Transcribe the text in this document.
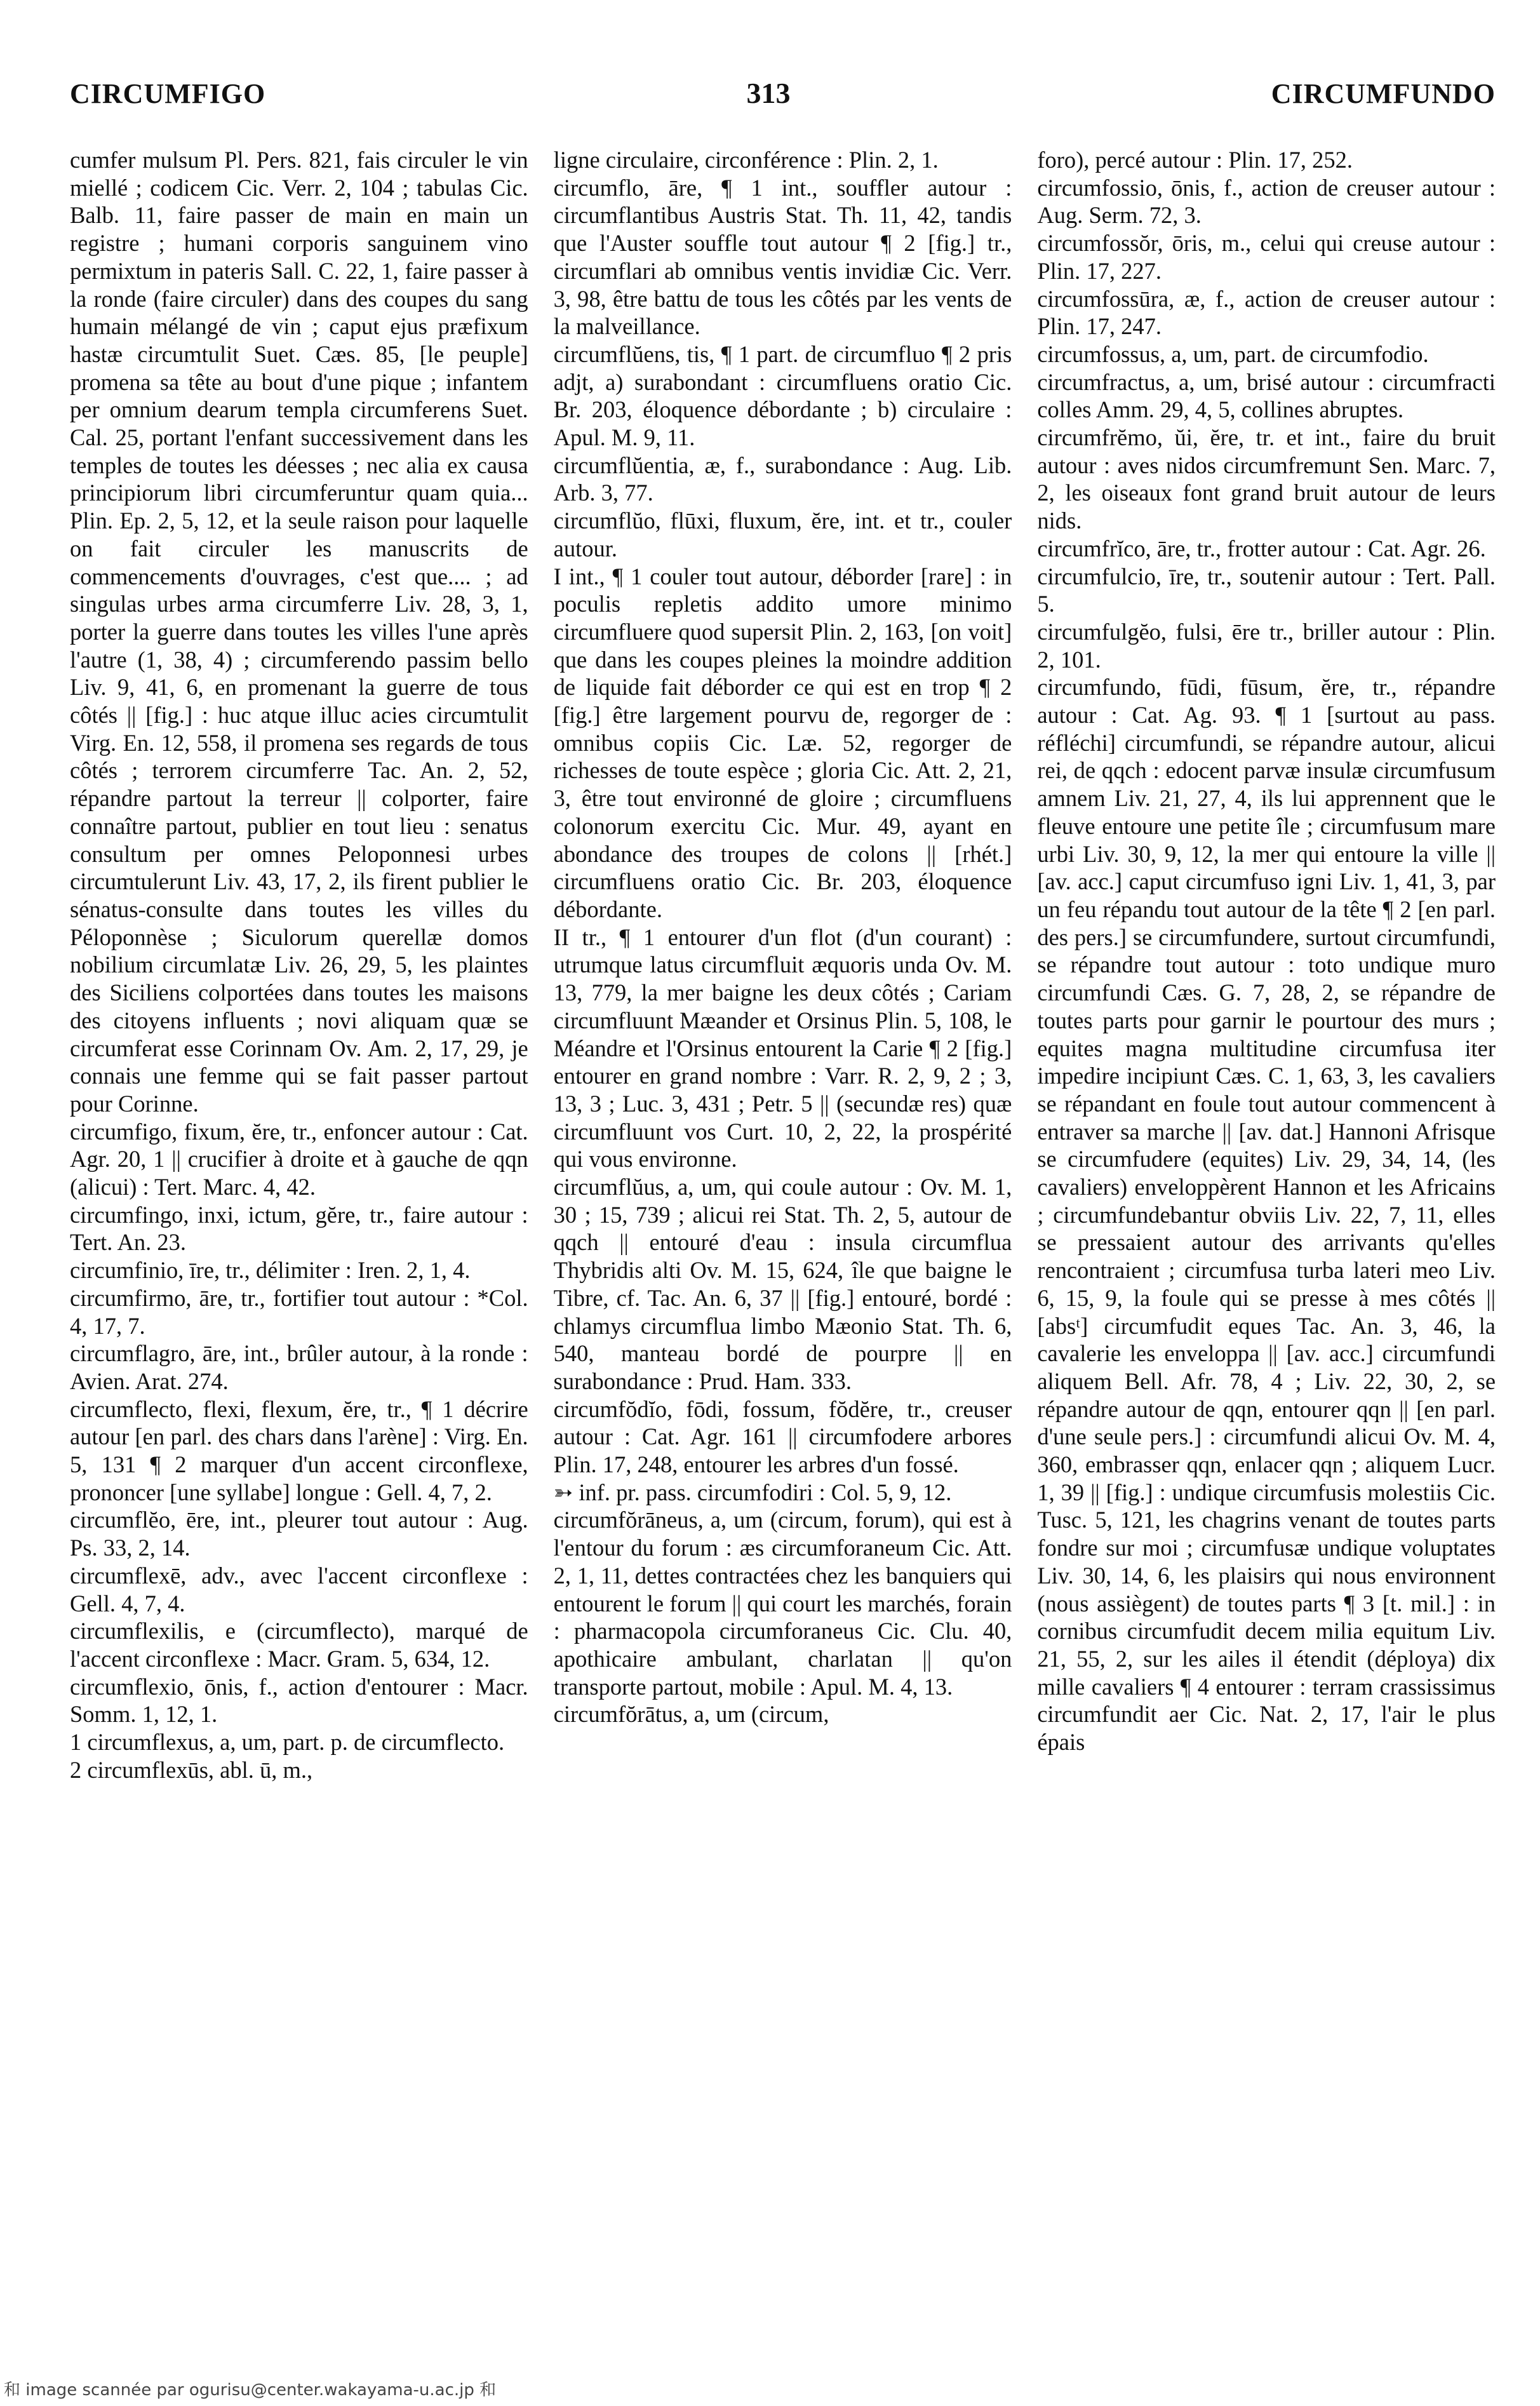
CIRCUMFIGO	313	CIRCUMFUNDO

cumfer mulsum Pl. Pers. 821, fais circuler le vin miellé ; codicem Cic. Verr. 2, 104 ; tabulas Cic. Balb. 11, faire passer de main en main un registre ; humani corporis sanguinem vino permixtum in pateris Sall. C. 22, 1, faire passer à la ronde (faire circuler) dans des coupes du sang humain mélangé de vin ; caput ejus præfixum hastæ circumtulit Suet. Cæs. 85, [le peuple] promena sa tête au bout d'une pique ; infantem per omnium dearum templa circumferens Suet. Cal. 25, portant l'enfant successivement dans les temples de toutes les déesses ; nec alia ex causa principiorum libri circumferuntur quam quia... Plin. Ep. 2, 5, 12, et la seule raison pour laquelle on fait circuler les manuscrits de commencements d'ouvrages, c'est que.... ; ad singulas urbes arma circumferre Liv. 28, 3, 1, porter la guerre dans toutes les villes l'une après l'autre (1, 38, 4) ; circumferendo passim bello Liv. 9, 41, 6, en promenant la guerre de tous côtés || [fig.] : huc atque illuc acies circumtulit Virg. En. 12, 558, il promena ses regards de tous côtés ; terrorem circumferre Tac. An. 2, 52, répandre partout la terreur || colporter, faire connaître partout, publier en tout lieu : senatus consultum per omnes Peloponnesi urbes circumtulerunt Liv. 43, 17, 2, ils firent publier le sénatus-consulte dans toutes les villes du Péloponnèse ; Siculorum querellæ domos nobilium circumlatæ Liv. 26, 29, 5, les plaintes des Siciliens colportées dans toutes les maisons des citoyens influents ; novi aliquam quæ se circumferat esse Corinnam Ov. Am. 2, 17, 29, je connais une femme qui se fait passer partout pour Corinne.

circumfigo, fixum, ĕre, tr., enfoncer autour : Cat. Agr. 20, 1 || crucifier à droite et à gauche de qqn (alicui) : Tert. Marc. 4, 42.

circumfingo, inxi, ictum, gĕre, tr., faire autour : Tert. An. 23.

circumfinio, īre, tr., délimiter : Iren. 2, 1, 4.

circumfirmo, āre, tr., fortifier tout autour : *Col. 4, 17, 7.

circumflagro, āre, int., brûler autour, à la ronde : Avien. Arat. 274.

circumflecto, flexi, flexum, ĕre, tr., ¶ 1 décrire autour [en parl. des chars dans l'arène] : Virg. En. 5, 131 ¶ 2 marquer d'un accent circonflexe, prononcer [une syllabe] longue : Gell. 4, 7, 2.

circumflĕo, ēre, int., pleurer tout autour : Aug. Ps. 33, 2, 14.

circumflexē, adv., avec l'accent circonflexe : Gell. 4, 7, 4.

circumflexilis, e (circumflecto), marqué de l'accent circonflexe : Macr. Gram. 5, 634, 12.

circumflexio, ōnis, f., action d'entourer : Macr. Somm. 1, 12, 1.

1 circumflexus, a, um, part. p. de circumflecto.

2 circumflexūs, abl. ū, m.,

ligne circulaire, circonférence : Plin. 2, 1.

circumflo, āre, ¶ 1 int., souffler autour : circumflantibus Austris Stat. Th. 11, 42, tandis que l'Auster souffle tout autour ¶ 2 [fig.] tr., circumflari ab omnibus ventis invidiæ Cic. Verr. 3, 98, être battu de tous les côtés par les vents de la malveillance.

circumflŭens, tis, ¶ 1 part. de circumfluo ¶ 2 pris adjt, a) surabondant : circumfluens oratio Cic. Br. 203, éloquence débordante ; b) circulaire : Apul. M. 9, 11.

circumflŭentia, æ, f., surabondance : Aug. Lib. Arb. 3, 77.

circumflŭo, flūxi, fluxum, ĕre, int. et tr., couler autour.

I int., ¶ 1 couler tout autour, déborder [rare] : in poculis repletis addito umore minimo circumfluere quod supersit Plin. 2, 163, [on voit] que dans les coupes pleines la moindre addition de liquide fait déborder ce qui est en trop ¶ 2 [fig.] être largement pourvu de, regorger de : omnibus copiis Cic. Læ. 52, regorger de richesses de toute espèce ; gloria Cic. Att. 2, 21, 3, être tout environné de gloire ; circumfluens colonorum exercitu Cic. Mur. 49, ayant en abondance des troupes de colons || [rhét.] circumfluens oratio Cic. Br. 203, éloquence débordante.

II tr., ¶ 1 entourer d'un flot (d'un courant) : utrumque latus circumfluit æquoris unda Ov. M. 13, 779, la mer baigne les deux côtés ; Cariam circumfluunt Mæander et Orsinus Plin. 5, 108, le Méandre et l'Orsinus entourent la Carie ¶ 2 [fig.] entourer en grand nombre : Varr. R. 2, 9, 2 ; 3, 13, 3 ; Luc. 3, 431 ; Petr. 5 || (secundæ res) quæ circumfluunt vos Curt. 10, 2, 22, la prospérité qui vous environne.

circumflŭus, a, um, qui coule autour : Ov. M. 1, 30 ; 15, 739 ; alicui rei Stat. Th. 2, 5, autour de qqch || entouré d'eau : insula circumflua Thybridis alti Ov. M. 15, 624, île que baigne le Tibre, cf. Tac. An. 6, 37 || [fig.] entouré, bordé : chlamys circumflua limbo Mæonio Stat. Th. 6, 540, manteau bordé de pourpre || en surabondance : Prud. Ham. 333.

circumfŏdĭo, fōdi, fossum, fŏdĕre, tr., creuser autour : Cat. Agr. 161 || circumfodere arbores Plin. 17, 248, entourer les arbres d'un fossé.

➳ inf. pr. pass. circumfodiri : Col. 5, 9, 12.

circumfŏrāneus, a, um (circum, forum), qui est à l'entour du forum : æs circumforaneum Cic. Att. 2, 1, 11, dettes contractées chez les banquiers qui entourent le forum || qui court les marchés, forain : pharmacopola circumforaneus Cic. Clu. 40, apothicaire ambulant, charlatan || qu'on transporte partout, mobile : Apul. M. 4, 13.

circumfŏrātus, a, um (circum,

foro), percé autour : Plin. 17, 252.

circumfossio, ōnis, f., action de creuser autour : Aug. Serm. 72, 3.

circumfossŏr, ōris, m., celui qui creuse autour : Plin. 17, 227.

circumfossūra, æ, f., action de creuser autour : Plin. 17, 247.

circumfossus, a, um, part. de circumfodio.

circumfractus, a, um, brisé autour : circumfracti colles Amm. 29, 4, 5, collines abruptes.

circumfrĕmo, ŭi, ĕre, tr. et int., faire du bruit autour : aves nidos circumfremunt Sen. Marc. 7, 2, les oiseaux font grand bruit autour de leurs nids.

circumfrĭco, āre, tr., frotter autour : Cat. Agr. 26.

circumfulcio, īre, tr., soutenir autour : Tert. Pall. 5.

circumfulgĕo, fulsi, ēre tr., briller autour : Plin. 2, 101.

circumfundo, fūdi, fūsum, ĕre, tr., répandre autour : Cat. Ag. 93. ¶ 1 [surtout au pass. réfléchi] circumfundi, se répandre autour, alicui rei, de qqch : edocent parvæ insulæ circumfusum amnem Liv. 21, 27, 4, ils lui apprennent que le fleuve entoure une petite île ; circumfusum mare urbi Liv. 30, 9, 12, la mer qui entoure la ville || [av. acc.] caput circumfuso igni Liv. 1, 41, 3, par un feu répandu tout autour de la tête ¶ 2 [en parl. des pers.] se circumfundere, surtout circumfundi, se répandre tout autour : toto undique muro circumfundi Cæs. G. 7, 28, 2, se répandre de toutes parts pour garnir le pourtour des murs ; equites magna multitudine circumfusa iter impedire incipiunt Cæs. C. 1, 63, 3, les cavaliers se répandant en foule tout autour commencent à entraver sa marche || [av. dat.] Hannoni Afrisque se circumfudere (equites) Liv. 29, 34, 14, (les cavaliers) enveloppèrent Hannon et les Africains ; circumfundebantur obviis Liv. 22, 7, 11, elles se pressaient autour des arrivants qu'elles rencontraient ; circumfusa turba lateri meo Liv. 6, 15, 9, la foule qui se presse à mes côtés || [absᵗ] circumfudit eques Tac. An. 3, 46, la cavalerie les enveloppa || [av. acc.] circumfundi aliquem Bell. Afr. 78, 4 ; Liv. 22, 30, 2, se répandre autour de qqn, entourer qqn || [en parl. d'une seule pers.] : circumfundi alicui Ov. M. 4, 360, embrasser qqn, enlacer qqn ; aliquem Lucr. 1, 39 || [fig.] : undique circumfusis molestiis Cic. Tusc. 5, 121, les chagrins venant de toutes parts fondre sur moi ; circumfusæ undique voluptates Liv. 30, 14, 6, les plaisirs qui nous environnent (nous assiègent) de toutes parts ¶ 3 [t. mil.] : in cornibus circumfudit decem milia equitum Liv. 21, 55, 2, sur les ailes il étendit (déploya) dix mille cavaliers ¶ 4 entourer : terram crassissimus circumfundit aer Cic. Nat. 2, 17, l'air le plus épais

和 image scannée par ogurisu@center.wakayama-u.ac.jp 和
